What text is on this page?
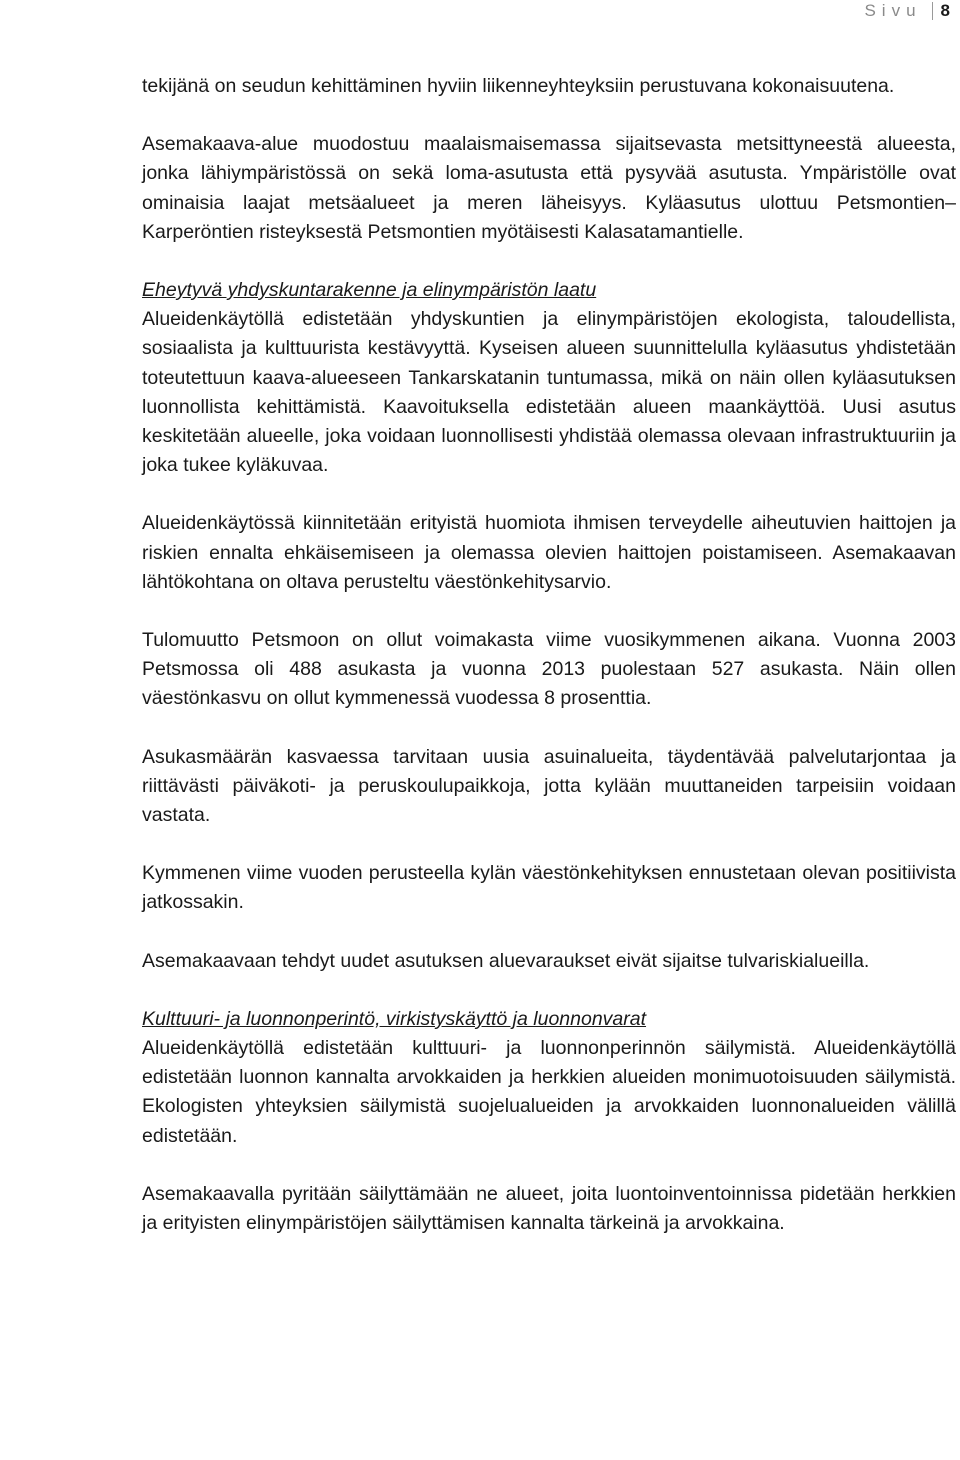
Sivu	8

tekijänä on seudun kehittäminen hyviin liikenneyhteyksiin perustuvana kokonaisuutena.

Asemakaava-alue muodostuu maalaismaisemassa sijaitsevasta metsittyneestä alueesta, jonka lähiympäristössä on sekä loma-asutusta että pysyvää asutusta. Ympäristölle ovat ominaisia laajat metsäalueet ja meren läheisyys. Kyläasutus ulottuu Petsmontien–Karperöntien risteyksestä Petsmontien myötäisesti Kalasatamantielle.

Eheytyvä yhdyskuntarakenne ja elinympäristön laatu
Alueidenkäytöllä edistetään yhdyskuntien ja elinympäristöjen ekologista, taloudellista, sosiaalista ja kulttuurista kestävyyttä. Kyseisen alueen suunnittelulla kyläasutus yhdistetään toteutettuun kaava-alueeseen Tankarskatanin tuntumassa, mikä on näin ollen kyläasutuksen luonnollista kehittämistä. Kaavoituksella edistetään alueen maankäyttöä. Uusi asutus keskitetään alueelle, joka voidaan luonnollisesti yhdistää olemassa olevaan infrastruktuuriin ja joka tukee kyläkuvaa.

Alueidenkäytössä kiinnitetään erityistä huomiota ihmisen terveydelle aiheutuvien haittojen ja riskien ennalta ehkäisemiseen ja olemassa olevien haittojen poistamiseen. Asemakaavan lähtökohtana on oltava perusteltu väestönkehitysarvio.

Tulomuutto Petsmoon on ollut voimakasta viime vuosikymmenen aikana. Vuonna 2003 Petsmossa oli 488 asukasta ja vuonna 2013 puolestaan 527 asukasta. Näin ollen väestönkasvu on ollut kymmenessä vuodessa 8 prosenttia.

Asukasmäärän kasvaessa tarvitaan uusia asuinalueita, täydentävää palvelutarjontaa ja riittävästi päiväkoti- ja peruskoulupaikkoja, jotta kylään muuttaneiden tarpeisiin voidaan vastata.

Kymmenen viime vuoden perusteella kylän väestönkehityksen ennustetaan olevan positiivista jatkossakin.

Asemakaavaan tehdyt uudet asutuksen aluevaraukset eivät sijaitse tulvariskialueilla.

Kulttuuri- ja luonnonperintö, virkistyskäyttö ja luonnonvarat
Alueidenkäytöllä edistetään kulttuuri- ja luonnonperinnön säilymistä. Alueidenkäytöllä edistetään luonnon kannalta arvokkaiden ja herkkien alueiden monimuotoisuuden säilymistä. Ekologisten yhteyksien säilymistä suojelualueiden ja arvokkaiden luonnonalueiden välillä edistetään.

Asemakaavalla pyritään säilyttämään ne alueet, joita luontoinventoinnissa pidetään herkkien ja erityisten elinympäristöjen säilyttämisen kannalta tärkeinä ja arvokkaina.
